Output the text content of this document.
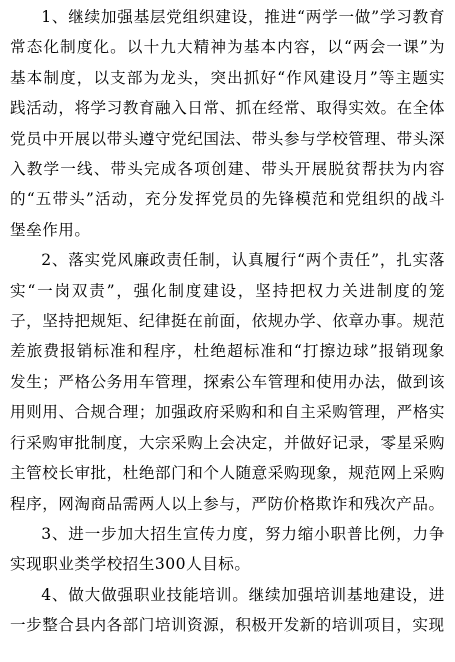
1、继续加强基层党组织建设，推进“两学一做”学习教育常态化制度化。以十九大精神为基本内容，以“两会一课”为基本制度，以支部为龙头，突出抓好“作风建设月”等主题实践活动，将学习教育融入日常、抓在经常、取得实效。在全体党员中开展以带头遵守党纪国法、带头参与学校管理、带头深入教学一线、带头完成各项创建、带头开展脱贫帮扶为内容的“五带头”活动，充分发挥党员的先锋模范和党组织的战斗堡垒作用。

2、落实党风廉政责任制，认真履行“两个责任”，扎实落实“一岗双责”，强化制度建设，坚持把权力关进制度的笼子，坚持把规矩、纪律挺在前面，依规办学、依章办事。规范差旅费报销标准和程序，杜绝超标准和“打擦边球”报销现象发生；严格公务用车管理，探索公车管理和使用办法，做到该用则用、合规合理；加强政府采购和和自主采购管理，严格实行采购审批制度，大宗采购上会决定，并做好记录，零星采购主管校长审批，杜绝部门和个人随意采购现象，规范网上采购程序，网淘商品需两人以上参与，严防价格欺诈和残次产品。

3、进一步加大招生宣传力度，努力缩小职普比例，力争实现职业类学校招生300人目标。

4、做大做强职业技能培训。继续加强培训基地建设，进一步整合县内各部门培训资源，积极开发新的培训项目，实现
